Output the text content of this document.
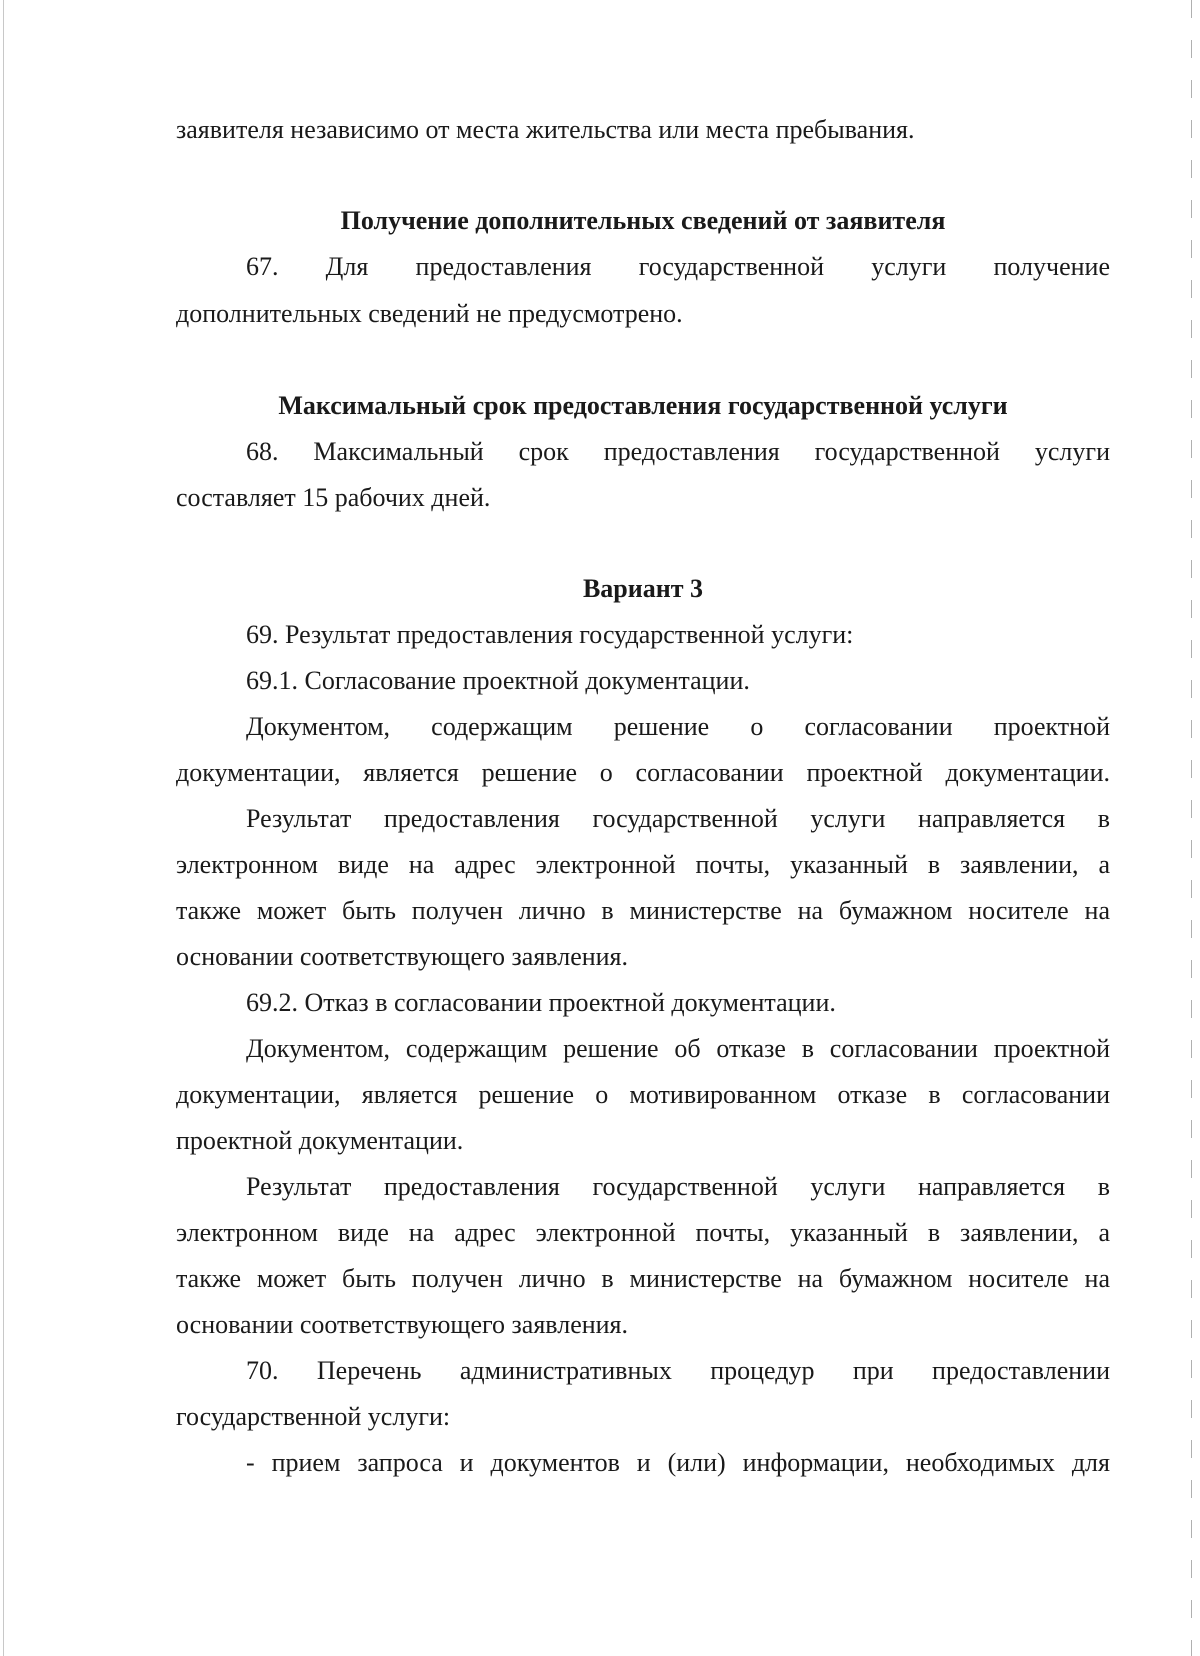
заявителя независимо от места жительства или места пребывания.
Получение дополнительных сведений от заявителя
67. Для предоставления государственной услуги получение
дополнительных сведений не предусмотрено.
Максимальный срок предоставления государственной услуги
68. Максимальный срок предоставления государственной услуги
составляет 15 рабочих дней.
Вариант 3
69. Результат предоставления государственной услуги:
69.1. Согласование проектной документации.
Документом, содержащим решение о согласовании проектной
документации, является решение о согласовании проектной документации.
Результат предоставления государственной услуги направляется в
электронном виде на адрес электронной почты, указанный в заявлении, а
также может быть получен лично в министерстве на бумажном носителе на
основании соответствующего заявления.
69.2. Отказ в согласовании проектной документации.
Документом, содержащим решение об отказе в согласовании проектной
документации, является решение о мотивированном отказе в согласовании
проектной документации.
Результат предоставления государственной услуги направляется в
электронном виде на адрес электронной почты, указанный в заявлении, а
также может быть получен лично в министерстве на бумажном носителе на
основании соответствующего заявления.
70. Перечень административных процедур при предоставлении
государственной услуги:
- прием запроса и документов и (или) информации, необходимых для
